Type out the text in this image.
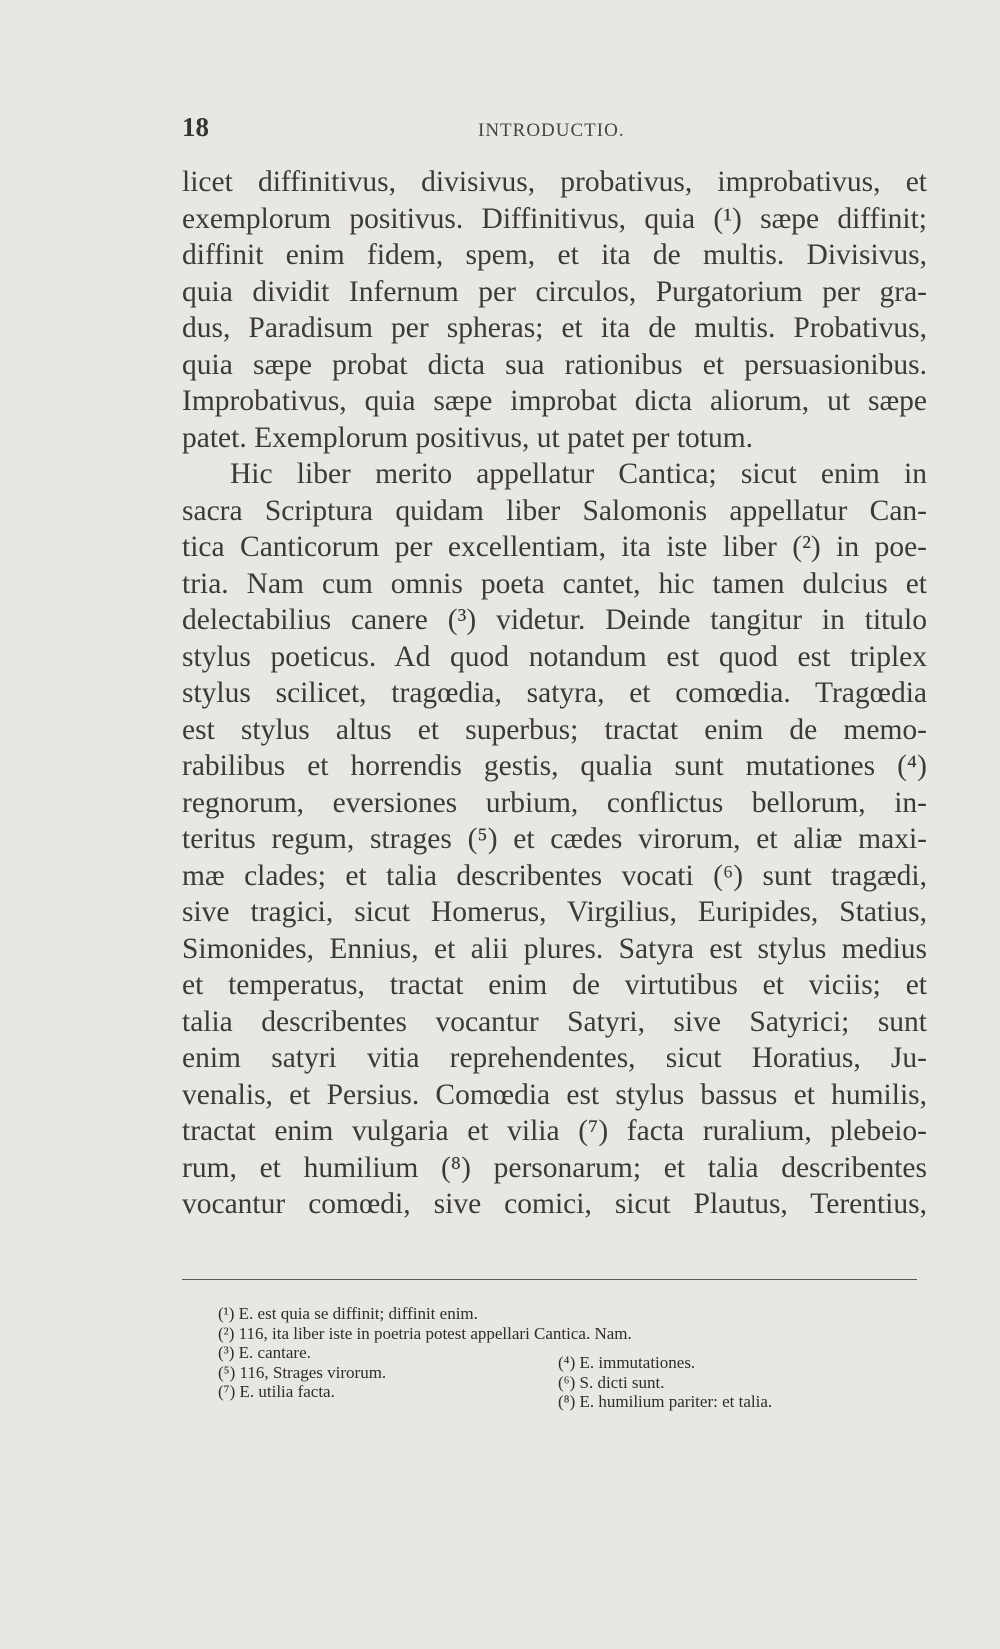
18	INTRODUCTIO.
licet diffinitivus, divisivus, probativus, improbativus, et
exemplorum positivus. Diffinitivus, quia (¹) sæpe diffinit;
diffinit enim fidem, spem, et ita de multis. Divisivus,
quia dividit Infernum per circulos, Purgatorium per gra-
dus, Paradisum per spheras; et ita de multis. Probativus,
quia sæpe probat dicta sua rationibus et persuasionibus.
Improbativus, quia sæpe improbat dicta aliorum, ut sæpe
patet. Exemplorum positivus, ut patet per totum.
Hic liber merito appellatur Cantica; sicut enim in
sacra Scriptura quidam liber Salomonis appellatur Can-
tica Canticorum per excellentiam, ita iste liber (²) in poe-
tria. Nam cum omnis poeta cantet, hic tamen dulcius et
delectabilius canere (³) videtur. Deinde tangitur in titulo
stylus poeticus. Ad quod notandum est quod est triplex
stylus scilicet, tragœdia, satyra, et comœdia. Tragœdia
est stylus altus et superbus; tractat enim de memo-
rabilibus et horrendis gestis, qualia sunt mutationes (⁴)
regnorum, eversiones urbium, conflictus bellorum, in-
teritus regum, strages (⁵) et cædes virorum, et aliæ maxi-
mæ clades; et talia describentes vocati (⁶) sunt tragædi,
sive tragici, sicut Homerus, Virgilius, Euripides, Statius,
Simonides, Ennius, et alii plures. Satyra est stylus medius
et temperatus, tractat enim de virtutibus et viciis; et
talia describentes vocantur Satyri, sive Satyrici; sunt
enim satyri vitia reprehendentes, sicut Horatius, Ju-
venalis, et Persius. Comœdia est stylus bassus et humilis,
tractat enim vulgaria et vilia (⁷) facta ruralium, plebeio-
rum, et humilium (⁸) personarum; et talia describentes
vocantur comœdi, sive comici, sicut Plautus, Terentius,
(¹) E. est quia se diffinit; diffinit enim.
(²) 116, ita liber iste in poetria potest appellari Cantica. Nam.
(³) E. cantare.
(⁵) 116, Strages virorum.
(⁷) E. utilia facta.
(⁴) E. immutationes.
(⁶) S. dicti sunt.
(⁸) E. humilium pariter: et talia.
